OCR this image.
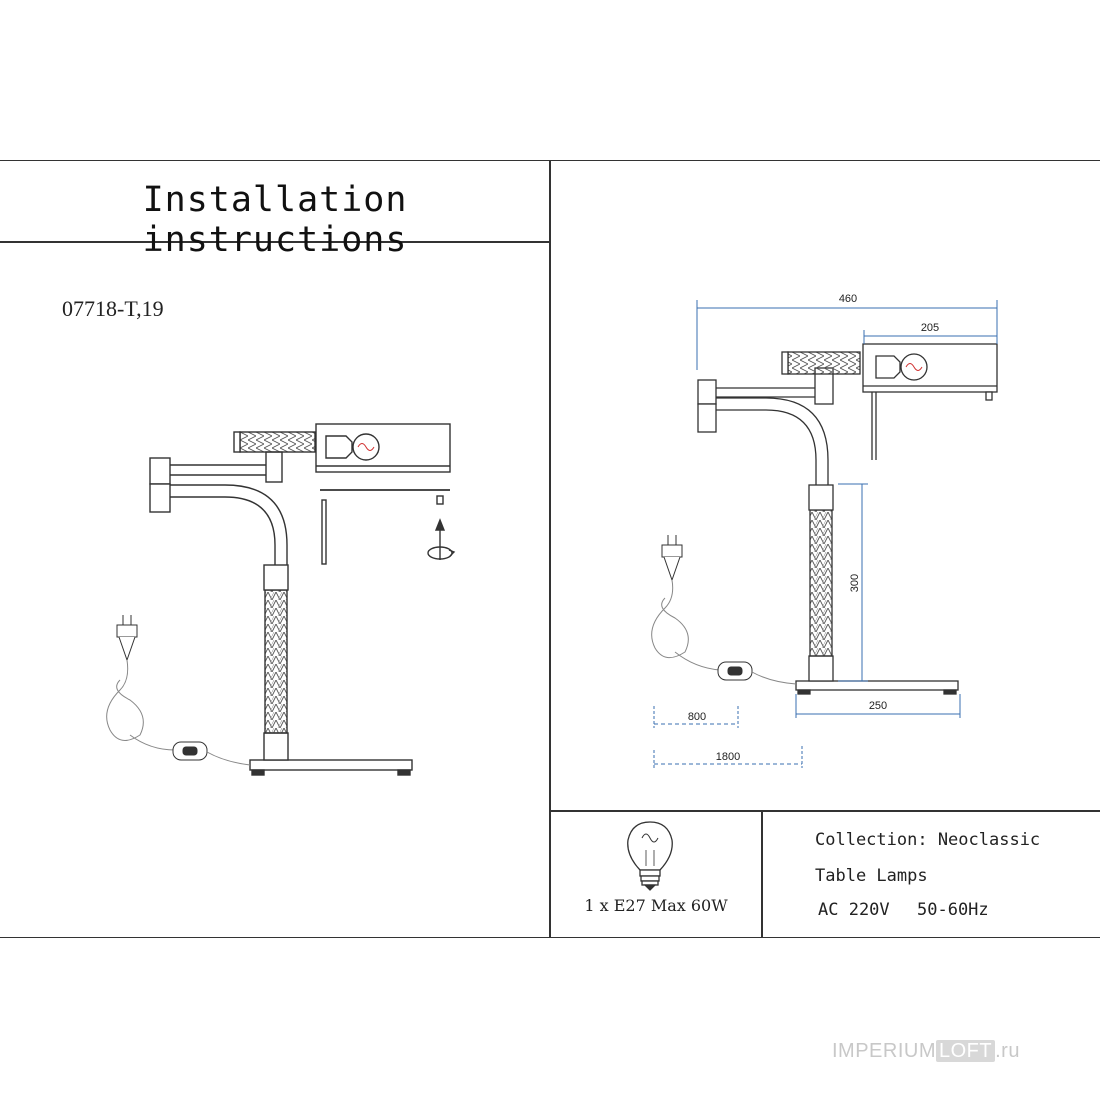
Installation instructions
07718-T,19	460
205
300
250
800
1800
1 x E27 Max 60W
Collection: Neoclassic
Table Lamps
AC 220V 50-60Hz
IMPERIUM LOFT .ru
